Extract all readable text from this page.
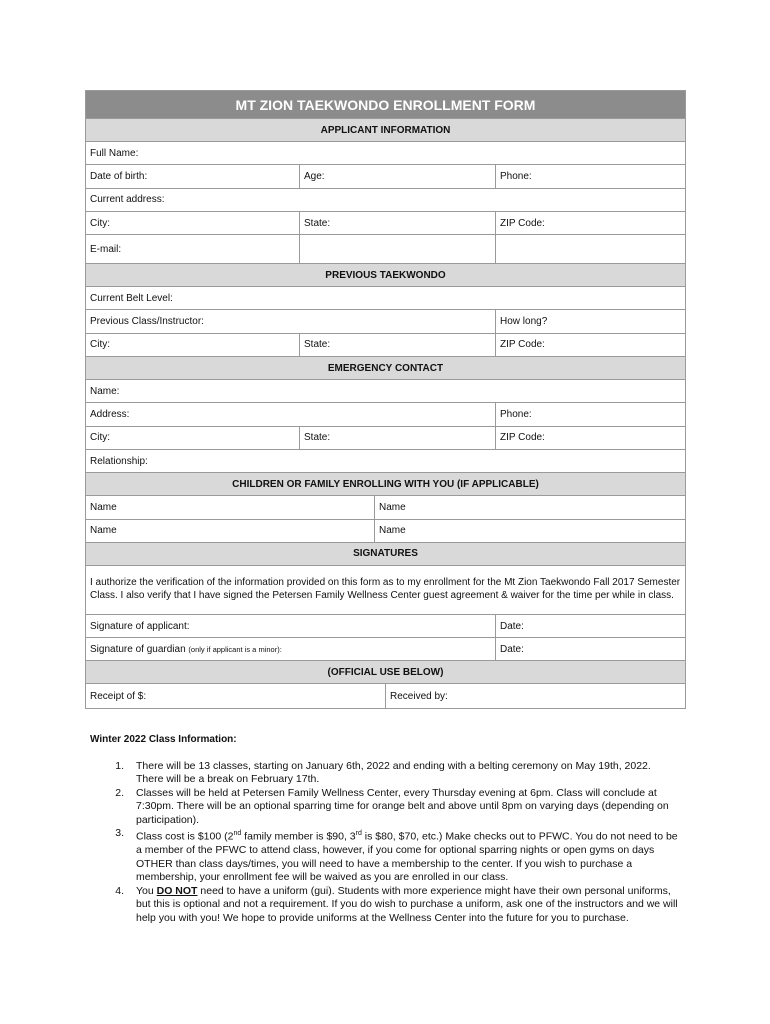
MT ZION TAEKWONDO ENROLLMENT FORM
APPLICANT INFORMATION
Full Name:
Date of birth:	Age:	Phone:
Current address:
City:	State:	ZIP Code:
E-mail:
PREVIOUS TAEKWONDO
Current Belt Level:
Previous Class/Instructor:	How long?
City:	State:	ZIP Code:
EMERGENCY CONTACT
Name:
Address:	Phone:
City:	State:	ZIP Code:
Relationship:
CHILDREN OR FAMILY ENROLLING WITH YOU (IF APPLICABLE)
Name	Name
Name	Name
SIGNATURES
I authorize the verification of the information provided on this form as to my enrollment for the Mt Zion Taekwondo Fall 2017 Semester Class. I also verify that I have signed the Petersen Family Wellness Center guest agreement & waiver for the time per while in class.
Signature of applicant:	Date:
Signature of guardian
(only if applicant is a minor):	Date:
(OFFICIAL USE BELOW)
Receipt of $:	Received by:
Winter 2022 Class Information:
1.	There will be 13 classes, starting on January 6th, 2022 and ending with a belting ceremony on May 19th, 2022. There will be a break on February 17th.
2.	Classes will be held at Petersen Family Wellness Center, every Thursday evening at 6pm. Class will conclude at 7:30pm. There will be an optional sparring time for orange belt and above until 8pm on varying days (depending on participation).
3.	Class cost is $100 (2nd family member is $90, 3rd is $80, $70, etc.) Make checks out to PFWC. You do not need to be a member of the PFWC to attend class, however, if you come for optional sparring nights or open gyms on days OTHER than class days/times, you will need to have a membership to the center. If you wish to purchase a membership, your enrollment fee will be waived as you are enrolled in our class.
4.	You DO NOT need to have a uniform (gui). Students with more experience might have their own personal uniforms, but this is optional and not a requirement. If you do wish to purchase a uniform, ask one of the instructors and we will help you with you! We hope to provide uniforms at the Wellness Center into the future for you to purchase.
